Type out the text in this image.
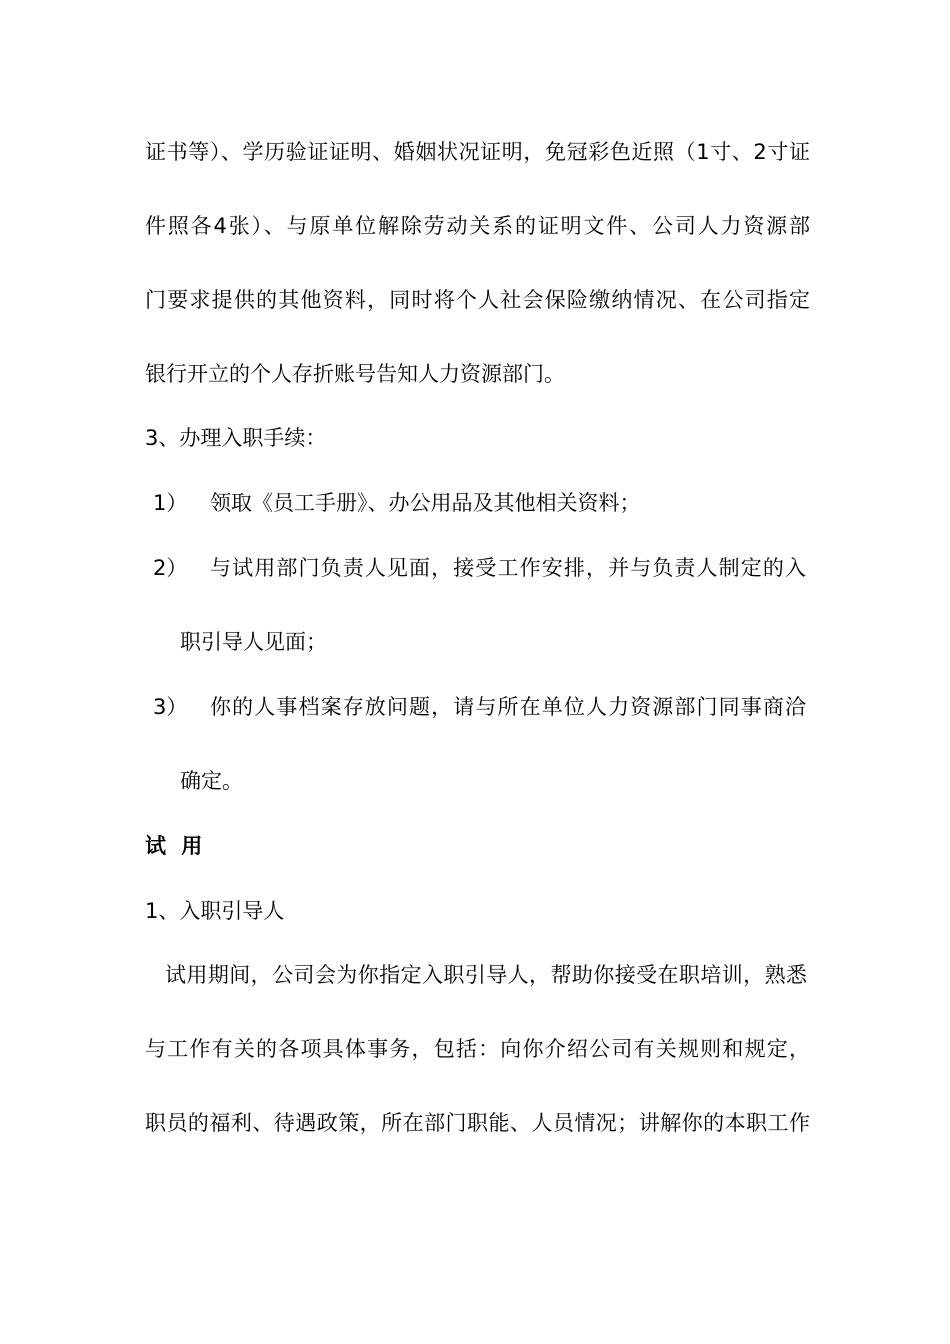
证书等）、学历验证证明、婚姻状况证明，免冠彩色近照（1寸、2寸证
件照各4张）、与原单位解除劳动关系的证明文件、公司人力资源部
门要求提供的其他资料，同时将个人社会保险缴纳情况、在公司指定
银行开立的个人存折账号告知人力资源部门。
3、办理入职手续：
1） 领取《员工手册》、办公用品及其他相关资料；
2） 与试用部门负责人见面，接受工作安排，并与负责人制定的入
职引导人见面；
3） 你的人事档案存放问题，请与所在单位人力资源部门同事商洽
确定。
试 用
1、入职引导人
试用期间，公司会为你指定入职引导人，帮助你接受在职培训，熟悉
与工作有关的各项具体事务，包括：向你介绍公司有关规则和规定，
职员的福利、待遇政策，所在部门职能、人员情况；讲解你的本职工作
